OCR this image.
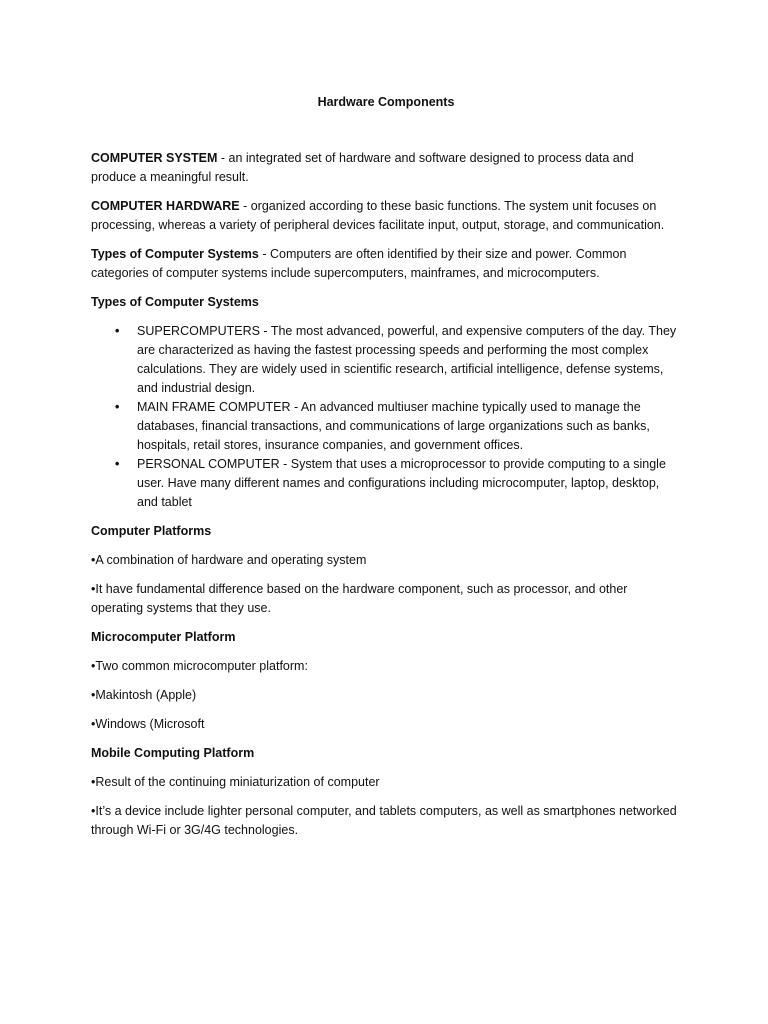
Hardware Components

COMPUTER SYSTEM - an integrated set of hardware and software designed to process data and produce a meaningful result.

COMPUTER HARDWARE - organized according to these basic functions. The system unit focuses on processing, whereas a variety of peripheral devices facilitate input, output, storage, and communication.

Types of Computer Systems - Computers are often identified by their size and power. Common categories of computer systems include supercomputers, mainframes, and microcomputers.

Types of Computer Systems
• SUPERCOMPUTERS - The most advanced, powerful, and expensive computers of the day. They are characterized as having the fastest processing speeds and performing the most complex calculations. They are widely used in scientific research, artificial intelligence, defense systems, and industrial design.
• MAIN FRAME COMPUTER - An advanced multiuser machine typically used to manage the databases, financial transactions, and communications of large organizations such as banks, hospitals, retail stores, insurance companies, and government offices.
• PERSONAL COMPUTER - System that uses a microprocessor to provide computing to a single user. Have many different names and configurations including microcomputer, laptop, desktop, and tablet
Computer Platforms

•A combination of hardware and operating system

•It have fundamental difference based on the hardware component, such as processor, and other operating systems that they use.

Microcomputer Platform

•Two common microcomputer platform:

•Makintosh (Apple)

•Windows (Microsoft

Mobile Computing Platform

•Result of the continuing miniaturization of computer

•It’s a device include lighter personal computer, and tablets computers, as well as smartphones networked through Wi-Fi or 3G/4G technologies.
